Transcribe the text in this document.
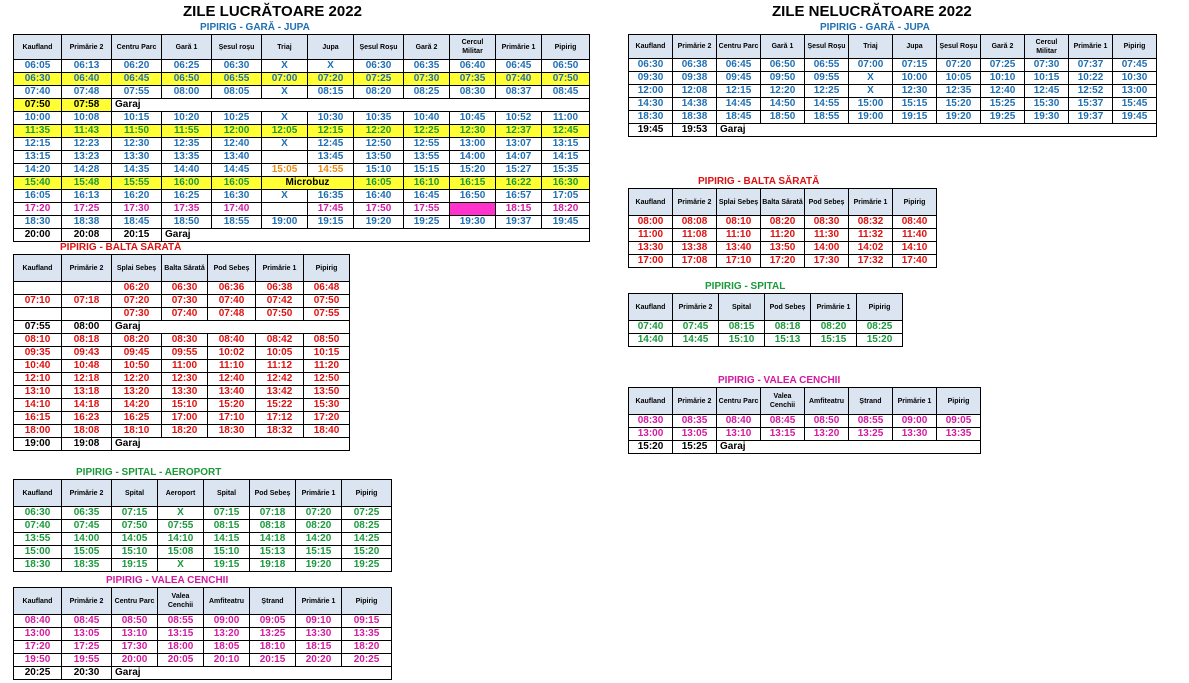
ZILE LUCRĂTOARE 2022	ZILE NELUCRĂTOARE 2022
PIPIRIG - GARĂ - JUPA
Kaufland	Primărie 2	Centru Parc	Gară 1	Șesul roșu	Triaj	Jupa	Șesul Roșu	Gară 2	Cercul Militar	Primărie 1	Pipirig
06:05	06:13	06:20	06:25	06:30	X	X	06:30	06:35	06:40	06:45	06:50
06:30	06:40	06:45	06:50	06:55	07:00	07:20	07:25	07:30	07:35	07:40	07:50
07:40	07:48	07:55	08:00	08:05	X	08:15	08:20	08:25	08:30	08:37	08:45
07:50	07:58	Garaj									
10:00	10:08	10:15	10:20	10:25	X	10:30	10:35	10:40	10:45	10:52	11:00
11:35	11:43	11:50	11:55	12:00	12:05	12:15	12:20	12:25	12:30	12:37	12:45
12:15	12:23	12:30	12:35	12:40	X	12:45	12:50	12:55	13:00	13:07	13:15
13:15	13:23	13:30	13:35	13:40		13:45	13:50	13:55	14:00	14:07	14:15
14:20	14:28	14:35	14:40	14:45	15:05	14:55	15:10	15:15	15:20	15:27	15:35
15:40	15:48	15:55	16:00	16:05	Microbuz		16:05	16:10	16:15	16:22	16:30
16:05	16:13	16:20	16:25	16:30	X	16:35	16:40	16:45	16:50	16:57	17:05
17:20	17:25	17:30	17:35	17:40		17:45	17:50	17:55		18:15	18:20
18:30	18:38	18:45	18:50	18:55	19:00	19:15	19:20	19:25	19:30	19:37	19:45
20:00	20:08	20:15	Garaj								
PIPIRIG - BALTA SĂRATĂ
Kaufland	Primărie 2	Splai Sebeș	Balta Sărată	Pod Sebeș	Primărie 1	Pipirig
		06:20	06:30	06:36	06:38	06:48
07:10	07:18	07:20	07:30	07:40	07:42	07:50
		07:30	07:40	07:48	07:50	07:55
07:55	08:00	Garaj				
08:10	08:18	08:20	08:30	08:40	08:42	08:50
09:35	09:43	09:45	09:55	10:02	10:05	10:15
10:40	10:48	10:50	11:00	11:10	11:12	11:20
12:10	12:18	12:20	12:30	12:40	12:42	12:50
13:10	13:18	13:20	13:30	13:40	13:42	13:50
14:10	14:18	14:20	15:10	15:20	15:22	15:30
16:15	16:23	16:25	17:00	17:10	17:12	17:20
18:00	18:08	18:10	18:20	18:30	18:32	18:40
19:00	19:08	Garaj				
PIPIRIG - SPITAL - AEROPORT
Kaufland	Primărie 2	Spital	Aeroport	Spital	Pod Sebeș	Primărie 1	Pipirig
06:30	06:35	07:15	X	07:15	07:18	07:20	07:25
07:40	07:45	07:50	07:55	08:15	08:18	08:20	08:25
13:55	14:00	14:05	14:10	14:15	14:18	14:20	14:25
15:00	15:05	15:10	15:08	15:10	15:13	15:15	15:20
18:30	18:35	19:15	X	19:15	19:18	19:20	19:25
PIPIRIG - VALEA CENCHII
Kaufland	Primărie 2	Centru Parc	Valea Cenchii	Amfiteatru	Ștrand	Primărie 1	Pipirig
08:40	08:45	08:50	08:55	09:00	09:05	09:10	09:15
13:00	13:05	13:10	13:15	13:20	13:25	13:30	13:35
17:20	17:25	17:30	18:00	18:05	18:10	18:15	18:20
19:50	19:55	20:00	20:05	20:10	20:15	20:20	20:25
20:25	20:30	Garaj					
PIPIRIG - GARĂ - JUPA
Kaufland	Primărie 2	Centru Parc	Gară 1	Șesul Roșu	Triaj	Jupa	Șesul Roșu	Gară 2	Cercul Militar	Primărie 1	Pipirig
06:30	06:38	06:45	06:50	06:55	07:00	07:15	07:20	07:25	07:30	07:37	07:45
09:30	09:38	09:45	09:50	09:55	X	10:00	10:05	10:10	10:15	10:22	10:30
12:00	12:08	12:15	12:20	12:25	X	12:30	12:35	12:40	12:45	12:52	13:00
14:30	14:38	14:45	14:50	14:55	15:00	15:15	15:20	15:25	15:30	15:37	15:45
18:30	18:38	18:45	18:50	18:55	19:00	19:15	19:20	19:25	19:30	19:37	19:45
19:45	19:53	Garaj									
PIPIRIG - BALTA SĂRATĂ
Kaufland	Primărie 2	Splai Sebeș	Balta Sărată	Pod Sebeș	Primărie 1	Pipirig
08:00	08:08	08:10	08:20	08:30	08:32	08:40
11:00	11:08	11:10	11:20	11:30	11:32	11:40
13:30	13:38	13:40	13:50	14:00	14:02	14:10
17:00	17:08	17:10	17:20	17:30	17:32	17:40
PIPIRIG - SPITAL
Kaufland	Primărie 2	Spital	Pod Sebeș	Primărie 1	Pipirig
07:40	07:45	08:15	08:18	08:20	08:25
14:40	14:45	15:10	15:13	15:15	15:20
PIPIRIG - VALEA CENCHII
Kaufland	Primărie 2	Centru Parc	Valea Cenchii	Amfiteatru	Ștrand	Primărie 1	Pipirig
08:30	08:35	08:40	08:45	08:50	08:55	09:00	09:05
13:00	13:05	13:10	13:15	13:20	13:25	13:30	13:35
15:20	15:25	Garaj					
